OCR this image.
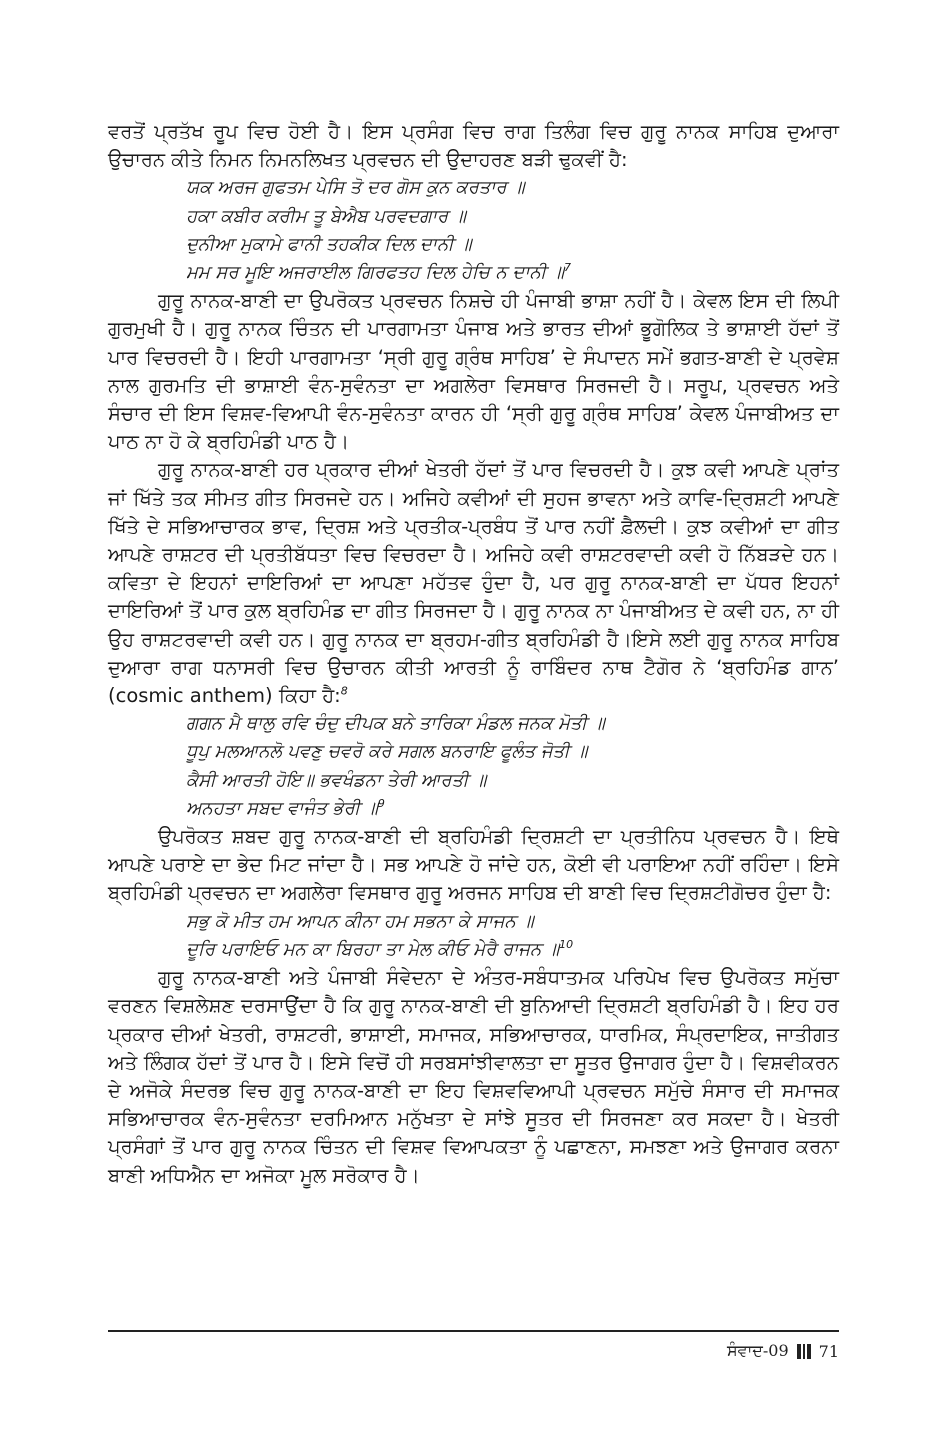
ਵਰਤੋਂ ਪ੍ਰਤੱਖ ਰੂਪ ਵਿਚ ਹੋਈ ਹੈ। ਇਸ ਪ੍ਰਸੰਗ ਵਿਚ ਰਾਗ ਤਿਲੰਗ ਵਿਚ ਗੁਰੂ ਨਾਨਕ ਸਾਹਿਬ ਦੁਆਰਾ ਉਚਾਰਨ ਕੀਤੇ ਨਿਮਨ ਨਿਮਨਲਿਖਤ ਪ੍ਰਵਚਨ ਦੀ ਉਦਾਹਰਣ ਬੜੀ ਢੁਕਵੀਂ ਹੈ:

ਯਕ ਅਰਜ ਗੁਫਤਮ ਪੇਸਿ ਤੋ ਦਰ ਗੋਸ ਕੁਨ ਕਰਤਾਰ ॥
ਹਕਾ ਕਬੀਰ ਕਰੀਮ ਤੂ ਬੇਐਬ ਪਰਵਦਗਾਰ ॥
ਦੁਨੀਆ ਮੁਕਾਮੇ ਫਾਨੀ ਤਹਕੀਕ ਦਿਲ ਦਾਨੀ ॥
ਮਮ ਸਰ ਮੂਇ ਅਜਰਾਈਲ ਗਿਰਫਤਹ ਦਿਲ ਹੇਚਿ ਨ ਦਾਨੀ ॥$^7$

ਗੁਰੂ ਨਾਨਕ-ਬਾਣੀ ਦਾ ਉਪਰੋਕਤ ਪ੍ਰਵਚਨ ਨਿਸ਼ਚੇ ਹੀ ਪੰਜਾਬੀ ਭਾਸ਼ਾ ਨਹੀਂ ਹੈ। ਕੇਵਲ ਇਸ ਦੀ ਲਿਪੀ ਗੁਰਮੁਖੀ ਹੈ। ਗੁਰੂ ਨਾਨਕ ਚਿੰਤਨ ਦੀ ਪਾਰਗਾਮਤਾ ਪੰਜਾਬ ਅਤੇ ਭਾਰਤ ਦੀਆਂ ਭੂਗੋਲਿਕ ਤੇ ਭਾਸ਼ਾਈ ਹੱਦਾਂ ਤੋਂ ਪਾਰ ਵਿਚਰਦੀ ਹੈ। ਇਹੀ ਪਾਰਗਾਮਤਾ ‘ਸ੍ਰੀ ਗੁਰੂ ਗ੍ਰੰਥ ਸਾਹਿਬ’ ਦੇ ਸੰਪਾਦਨ ਸਮੇਂ ਭਗਤ-ਬਾਣੀ ਦੇ ਪ੍ਰਵੇਸ਼ ਨਾਲ ਗੁਰਮਤਿ ਦੀ ਭਾਸ਼ਾਈ ਵੰਨ-ਸੁਵੰਨਤਾ ਦਾ ਅਗਲੇਰਾ ਵਿਸਥਾਰ ਸਿਰਜਦੀ ਹੈ। ਸਰੂਪ, ਪ੍ਰਵਚਨ ਅਤੇ ਸੰਚਾਰ ਦੀ ਇਸ ਵਿਸ਼ਵ-ਵਿਆਪੀ ਵੰਨ-ਸੁਵੰਨਤਾ ਕਾਰਨ ਹੀ ‘ਸ੍ਰੀ ਗੁਰੂ ਗ੍ਰੰਥ ਸਾਹਿਬ’ ਕੇਵਲ ਪੰਜਾਬੀਅਤ ਦਾ ਪਾਠ ਨਾ ਹੋ ਕੇ ਬ੍ਰਹਿਮੰਡੀ ਪਾਠ ਹੈ।

ਗੁਰੂ ਨਾਨਕ-ਬਾਣੀ ਹਰ ਪ੍ਰਕਾਰ ਦੀਆਂ ਖੇਤਰੀ ਹੱਦਾਂ ਤੋਂ ਪਾਰ ਵਿਚਰਦੀ ਹੈ। ਕੁਝ ਕਵੀ ਆਪਣੇ ਪ੍ਰਾਂਤ ਜਾਂ ਖਿੱਤੇ ਤਕ ਸੀਮਤ ਗੀਤ ਸਿਰਜਦੇ ਹਨ। ਅਜਿਹੇ ਕਵੀਆਂ ਦੀ ਸੁਹਜ ਭਾਵਨਾ ਅਤੇ ਕਾਵਿ-ਦ੍ਰਿਸ਼ਟੀ ਆਪਣੇ ਖਿੱਤੇ ਦੇ ਸਭਿਆਚਾਰਕ ਭਾਵ, ਦ੍ਰਿਸ਼ ਅਤੇ ਪ੍ਰਤੀਕ-ਪ੍ਰਬੰਧ ਤੋਂ ਪਾਰ ਨਹੀਂ ਫ਼ੈਲਦੀ। ਕੁਝ ਕਵੀਆਂ ਦਾ ਗੀਤ ਆਪਣੇ ਰਾਸ਼ਟਰ ਦੀ ਪ੍ਰਤੀਬੱਧਤਾ ਵਿਚ ਵਿਚਰਦਾ ਹੈ। ਅਜਿਹੇ ਕਵੀ ਰਾਸ਼ਟਰਵਾਦੀ ਕਵੀ ਹੋ ਨਿੱਬੜਦੇ ਹਨ। ਕਵਿਤਾ ਦੇ ਇਹਨਾਂ ਦਾਇਰਿਆਂ ਦਾ ਆਪਣਾ ਮਹੱਤਵ ਹੁੰਦਾ ਹੈ, ਪਰ ਗੁਰੂ ਨਾਨਕ-ਬਾਣੀ ਦਾ ਪੱਧਰ ਇਹਨਾਂ ਦਾਇਰਿਆਂ ਤੋਂ ਪਾਰ ਕੁਲ ਬ੍ਰਹਿਮੰਡ ਦਾ ਗੀਤ ਸਿਰਜਦਾ ਹੈ। ਗੁਰੂ ਨਾਨਕ ਨਾ ਪੰਜਾਬੀਅਤ ਦੇ ਕਵੀ ਹਨ, ਨਾ ਹੀ ਉਹ ਰਾਸ਼ਟਰਵਾਦੀ ਕਵੀ ਹਨ। ਗੁਰੂ ਨਾਨਕ ਦਾ ਬ੍ਰਹਮ-ਗੀਤ ਬ੍ਰਹਿਮੰਡੀ ਹੈ।ਇਸੇ ਲਈ ਗੁਰੂ ਨਾਨਕ ਸਾਹਿਬ ਦੁਆਰਾ ਰਾਗ ਧਨਾਸਰੀ ਵਿਚ ਉਚਾਰਨ ਕੀਤੀ ਆਰਤੀ ਨੂੰ ਰਾਬਿੰਦਰ ਨਾਥ ਟੈਗੋਰ ਨੇ ‘ਬ੍ਰਹਿਮੰਡ ਗਾਨ’ (cosmic anthem) ਕਿਹਾ ਹੈ:$^8$

ਗਗਨ ਮੈ ਥਾਲੁ ਰਵਿ ਚੰਦੁ ਦੀਪਕ ਬਨੇ ਤਾਰਿਕਾ ਮੰਡਲ ਜਨਕ ਮੋਤੀ ॥
ਧੂਪੁ ਮਲਆਨਲੋ ਪਵਣੁ ਚਵਰੋ ਕਰੇ ਸਗਲ ਬਨਰਾਇ ਫੂਲੰਤ ਜੋਤੀ ॥
ਕੈਸੀ ਆਰਤੀ ਹੋਇ॥ ਭਵਖੰਡਨਾ ਤੇਰੀ ਆਰਤੀ ॥
ਅਨਹਤਾ ਸਬਦ ਵਾਜੰਤ ਭੇਰੀ ॥$^9$

ਉਪਰੋਕਤ ਸ਼ਬਦ ਗੁਰੂ ਨਾਨਕ-ਬਾਣੀ ਦੀ ਬ੍ਰਹਿਮੰਡੀ ਦ੍ਰਿਸ਼ਟੀ ਦਾ ਪ੍ਰਤੀਨਿਧ ਪ੍ਰਵਚਨ ਹੈ। ਇਥੇ ਆਪਣੇ ਪਰਾਏ ਦਾ ਭੇਦ ਮਿਟ ਜਾਂਦਾ ਹੈ। ਸਭ ਆਪਣੇ ਹੋ ਜਾਂਦੇ ਹਨ, ਕੋਈ ਵੀ ਪਰਾਇਆ ਨਹੀਂ ਰਹਿੰਦਾ। ਇਸੇ ਬ੍ਰਹਿਮੰਡੀ ਪ੍ਰਵਚਨ ਦਾ ਅਗਲੇਰਾ ਵਿਸਥਾਰ ਗੁਰੂ ਅਰਜਨ ਸਾਹਿਬ ਦੀ ਬਾਣੀ ਵਿਚ ਦ੍ਰਿਸ਼ਟੀਗੋਚਰ ਹੁੰਦਾ ਹੈ:

ਸਭੁ ਕੋ ਮੀਤ ਹਮ ਆਪਨ ਕੀਨਾ ਹਮ ਸਭਨਾ ਕੇ ਸਾਜਨ ॥
ਦੂਰਿ ਪਰਾਇਓ ਮਨ ਕਾ ਬਿਰਹਾ ਤਾ ਮੇਲ ਕੀਓ ਮੇਰੈ ਰਾਜਨ ॥$^{10}$

ਗੁਰੂ ਨਾਨਕ-ਬਾਣੀ ਅਤੇ ਪੰਜਾਬੀ ਸੰਵੇਦਨਾ ਦੇ ਅੰਤਰ-ਸਬੰਧਾਤਮਕ ਪਰਿਪੇਖ ਵਿਚ ਉਪਰੋਕਤ ਸਮੁੱਚਾ ਵਰਣਨ ਵਿਸ਼ਲੇਸ਼ਣ ਦਰਸਾਉਂਦਾ ਹੈ ਕਿ ਗੁਰੂ ਨਾਨਕ-ਬਾਣੀ ਦੀ ਬੁਨਿਆਦੀ ਦ੍ਰਿਸ਼ਟੀ ਬ੍ਰਹਿਮੰਡੀ ਹੈ। ਇਹ ਹਰ ਪ੍ਰਕਾਰ ਦੀਆਂ ਖੇਤਰੀ, ਰਾਸ਼ਟਰੀ, ਭਾਸ਼ਾਈ, ਸਮਾਜਕ, ਸਭਿਆਚਾਰਕ, ਧਾਰਮਿਕ, ਸੰਪ੍ਰਦਾਇਕ, ਜਾਤੀਗਤ ਅਤੇ ਲਿੰਗਕ ਹੱਦਾਂ ਤੋਂ ਪਾਰ ਹੈ। ਇਸੇ ਵਿਚੋਂ ਹੀ ਸਰਬਸਾਂਝੀਵਾਲਤਾ ਦਾ ਸੂਤਰ ਉਜਾਗਰ ਹੁੰਦਾ ਹੈ। ਵਿਸ਼ਵੀਕਰਨ ਦੇ ਅਜੋਕੇ ਸੰਦਰਭ ਵਿਚ ਗੁਰੂ ਨਾਨਕ-ਬਾਣੀ ਦਾ ਇਹ ਵਿਸ਼ਵਵਿਆਪੀ ਪ੍ਰਵਚਨ ਸਮੁੱਚੇ ਸੰਸਾਰ ਦੀ ਸਮਾਜਕ ਸਭਿਆਚਾਰਕ ਵੰਨ-ਸੁਵੰਨਤਾ ਦਰਮਿਆਨ ਮਨੁੱਖਤਾ ਦੇ ਸਾਂਝੇ ਸੂਤਰ ਦੀ ਸਿਰਜਣਾ ਕਰ ਸਕਦਾ ਹੈ। ਖੇਤਰੀ ਪ੍ਰਸੰਗਾਂ ਤੋਂ ਪਾਰ ਗੁਰੂ ਨਾਨਕ ਚਿੰਤਨ ਦੀ ਵਿਸ਼ਵ ਵਿਆਪਕਤਾ ਨੂੰ ਪਛਾਣਨਾ, ਸਮਝਣਾ ਅਤੇ ਉਜਾਗਰ ਕਰਨਾ ਬਾਣੀ ਅਧਿਐਨ ਦਾ ਅਜੋਕਾ ਮੂਲ ਸਰੋਕਾਰ ਹੈ।

ਸੰਵਾਦ-09 71
